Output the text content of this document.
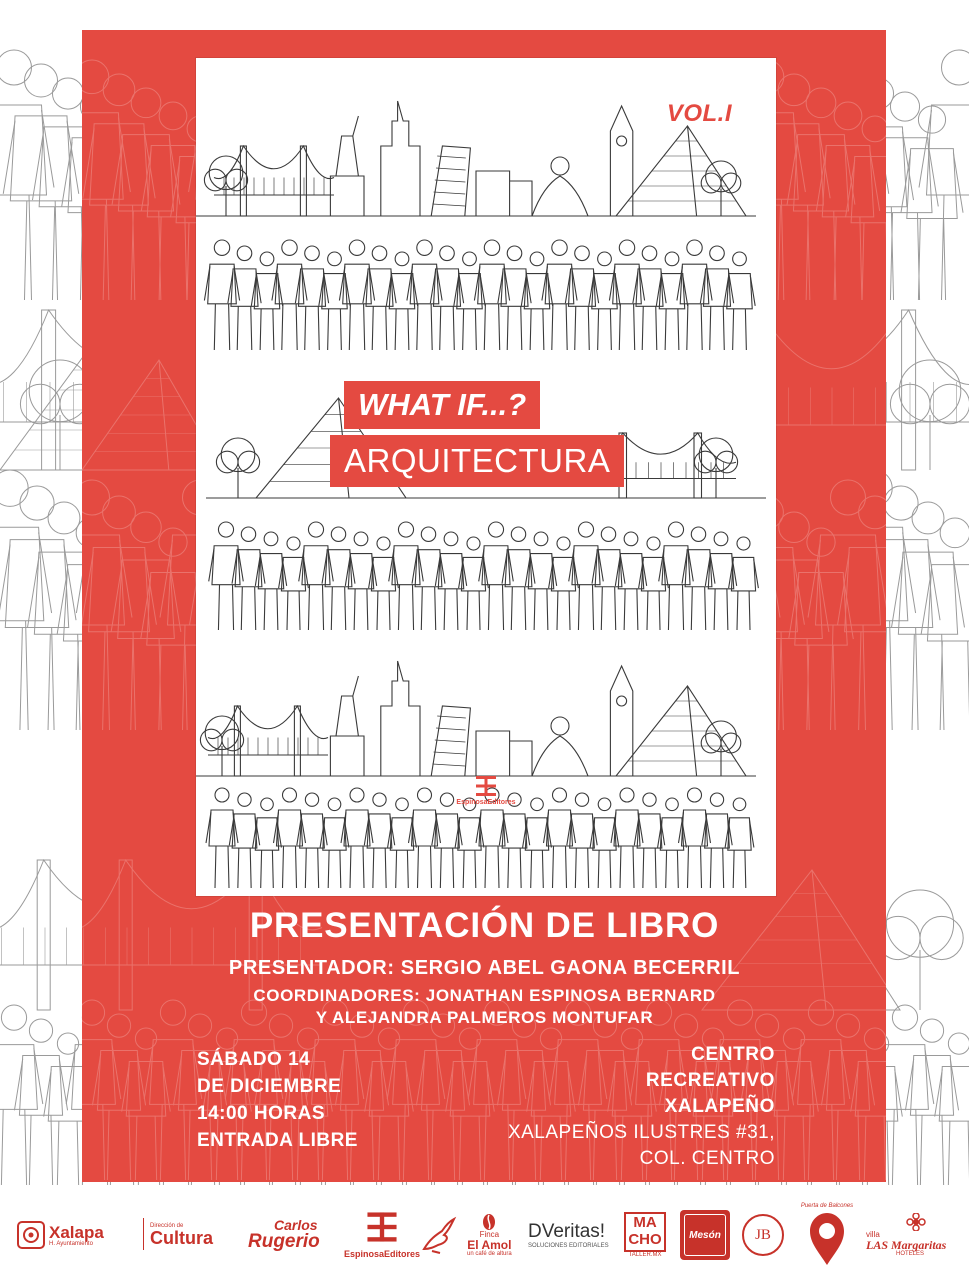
VOL.I
WHAT IF...?
ARQUITECTURA
EspinosaEditores
PRESENTACIÓN DE LIBRO
PRESENTADOR: SERGIO ABEL GAONA BECERRIL
COORDINADORES: JONATHAN ESPINOSA BERNARD
Y ALEJANDRA PALMEROS MONTUFAR
SÁBADO 14
DE DICIEMBRE
14:00 HORAS
ENTRADA LIBRE
CENTRO
RECREATIVO
XALAPEÑO
XALAPEÑOS ILUSTRES #31,
COL. CENTRO
Xalapa
H. Ayuntamiento
Dirección de
Cultura
Carlos
Rugerio
EspinosaEditores
Finca
El Amol
un café de altura
DVeritas!
SOLUCIONES EDITORIALES
MA
CHO
TALLER.MX
Mesón JB
Puerta de Balcones
villa
LAS Margaritas
HOTELES
